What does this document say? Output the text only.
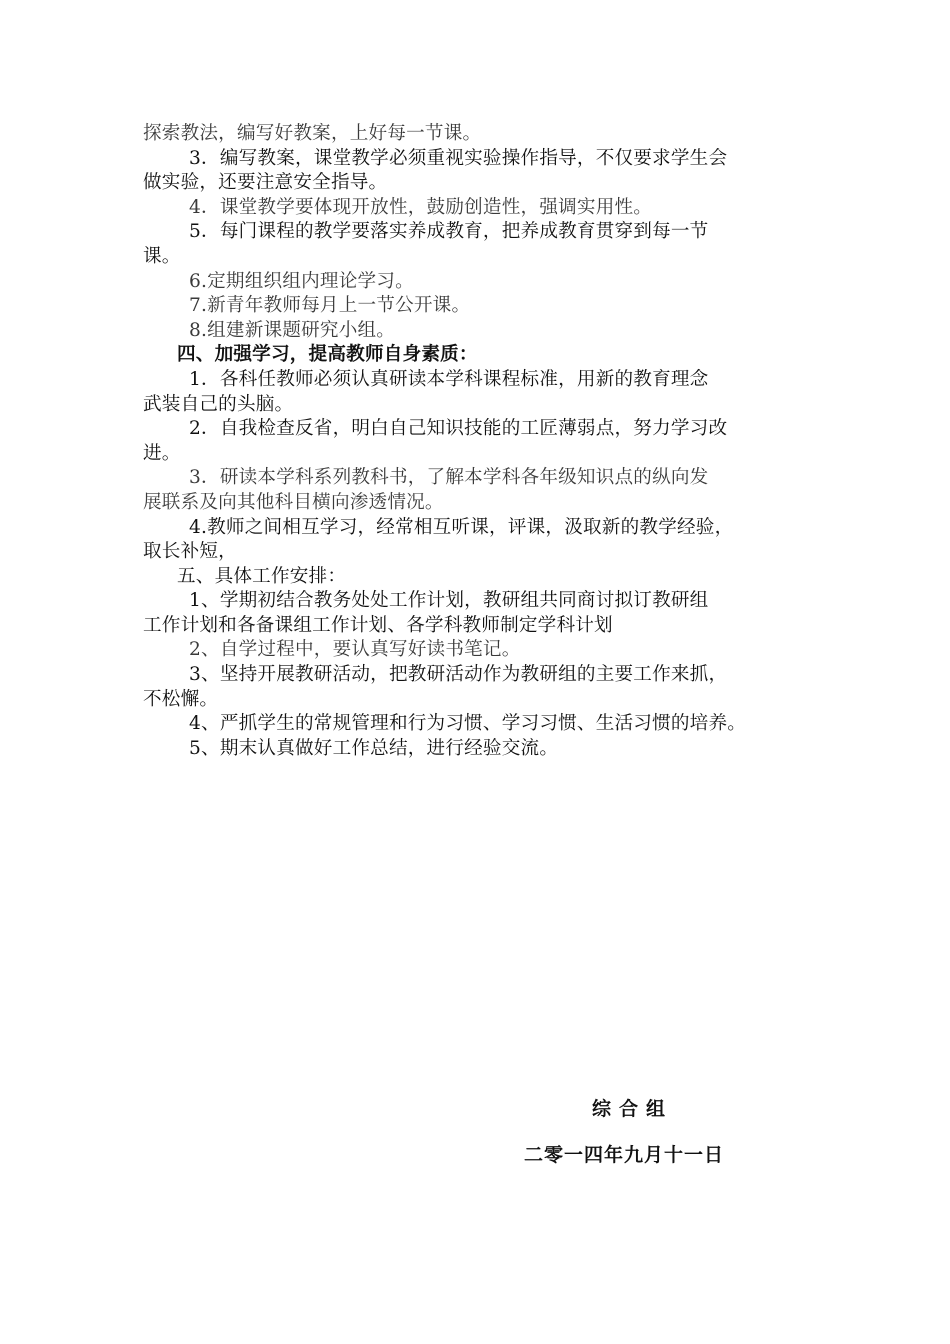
探索教法，编写好教案，上好每一节课。
3．编写教案，课堂教学必须重视实验操作指导，不仅要求学生会
做实验，还要注意安全指导。
4．课堂教学要体现开放性，鼓励创造性，强调实用性。
5．每门课程的教学要落实养成教育，把养成教育贯穿到每一节
课。
6.定期组织组内理论学习。
7.新青年教师每月上一节公开课。
8.组建新课题研究小组。
四、加强学习，提高教师自身素质：
1．各科任教师必须认真研读本学科课程标准，用新的教育理念
武装自己的头脑。
2．自我检查反省，明白自己知识技能的工匠薄弱点，努力学习改
进。
3．研读本学科系列教科书，了解本学科各年级知识点的纵向发
展联系及向其他科目横向渗透情况。
4.教师之间相互学习，经常相互听课，评课，汲取新的教学经验，
取长补短，
五、具体工作安排：
1、学期初结合教务处处工作计划，教研组共同商讨拟订教研组
工作计划和各备课组工作计划、各学科教师制定学科计划
2、自学过程中，要认真写好读书笔记。
3、坚持开展教研活动，把教研活动作为教研组的主要工作来抓，
不松懈。
4、严抓学生的常规管理和行为习惯、学习习惯、生活习惯的培养。
5、期末认真做好工作总结，进行经验交流。
综合组
二零一四年九月十一日
